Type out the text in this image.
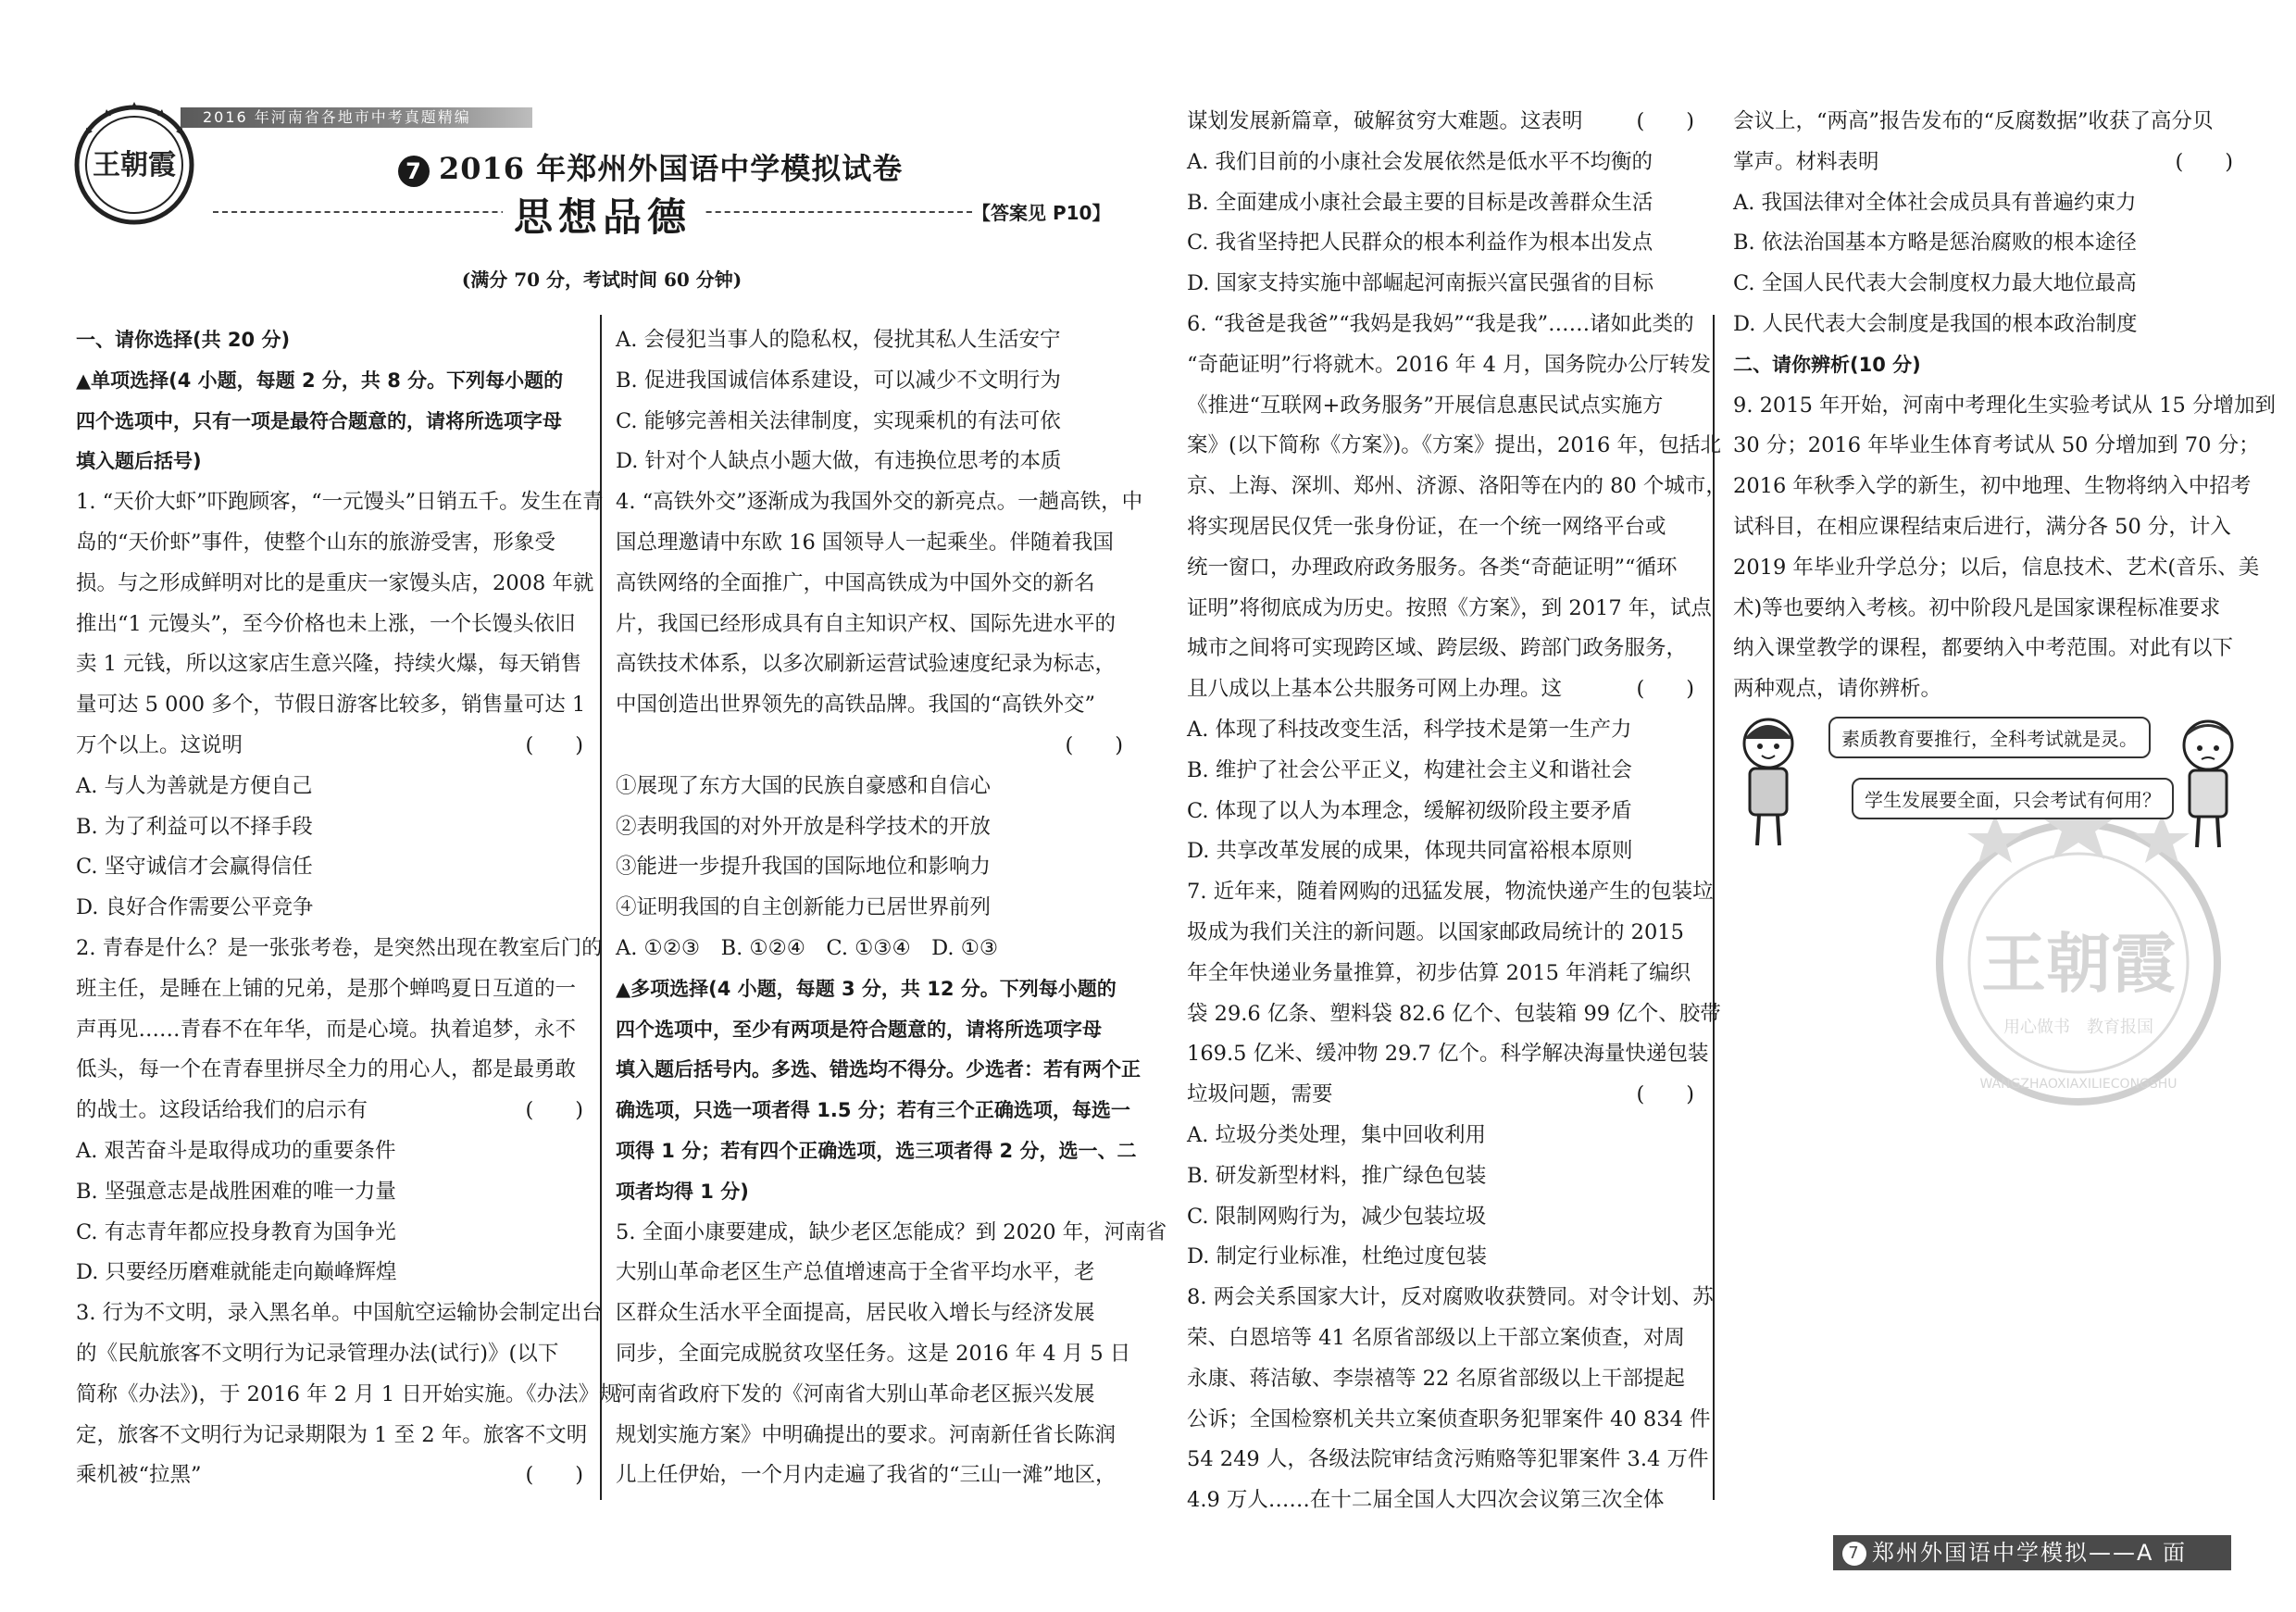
2016 年河南省各地市中考真题精编
王朝霞	7 2016 年郑州外国语中学模拟试卷
思想品德	【答案见 P10】
(满分 70 分，考试时间 60 分钟)
一、请你选择(共 20 分)
▲单项选择(4 小题，每题 2 分，共 8 分。下列每小题的
四个选项中，只有一项是最符合题意的，请将所选项字母
填入题后括号)
1. “天价大虾”吓跑顾客，“一元馒头”日销五千。发生在青
岛的“天价虾”事件，使整个山东的旅游受害，形象受
损。与之形成鲜明对比的是重庆一家馒头店，2008 年就
推出“1 元馒头”，至今价格也未上涨，一个长馒头依旧
卖 1 元钱，所以这家店生意兴隆，持续火爆，每天销售
量可达 5 000 多个，节假日游客比较多，销售量可达 1
万个以上。这说明	(　　)
A. 与人为善就是方便自己
B. 为了利益可以不择手段
C. 坚守诚信才会赢得信任
D. 良好合作需要公平竞争
2. 青春是什么？是一张张考卷，是突然出现在教室后门的
班主任，是睡在上铺的兄弟，是那个蝉鸣夏日互道的一
声再见……青春不在年华，而是心境。执着追梦，永不
低头，每一个在青春里拼尽全力的用心人，都是最勇敢
的战士。这段话给我们的启示有	(　　)
A. 艰苦奋斗是取得成功的重要条件
B. 坚强意志是战胜困难的唯一力量
C. 有志青年都应投身教育为国争光
D. 只要经历磨难就能走向巅峰辉煌
3. 行为不文明，录入黑名单。中国航空运输协会制定出台
的《民航旅客不文明行为记录管理办法(试行)》(以下
简称《办法》)，于 2016 年 2 月 1 日开始实施。《办法》规
定，旅客不文明行为记录期限为 1 至 2 年。旅客不文明
乘机被“拉黑”	(　　)
A. 会侵犯当事人的隐私权，侵扰其私人生活安宁
B. 促进我国诚信体系建设，可以减少不文明行为
C. 能够完善相关法律制度，实现乘机的有法可依
D. 针对个人缺点小题大做，有违换位思考的本质
4. “高铁外交”逐渐成为我国外交的新亮点。一趟高铁，中
国总理邀请中东欧 16 国领导人一起乘坐。伴随着我国
高铁网络的全面推广，中国高铁成为中国外交的新名
片，我国已经形成具有自主知识产权、国际先进水平的
高铁技术体系，以多次刷新运营试验速度纪录为标志，
中国创造出世界领先的高铁品牌。我国的“高铁外交”
(　　)
①展现了东方大国的民族自豪感和自信心
②表明我国的对外开放是科学技术的开放
③能进一步提升我国的国际地位和影响力
④证明我国的自主创新能力已居世界前列
A. ①②③　B. ①②④　C. ①③④　D. ①③
▲多项选择(4 小题，每题 3 分，共 12 分。下列每小题的
四个选项中，至少有两项是符合题意的，请将所选项字母
填入题后括号内。多选、错选均不得分。少选者：若有两个正
确选项，只选一项者得 1.5 分；若有三个正确选项，每选一
项得 1 分；若有四个正确选项，选三项者得 2 分，选一、二
项者均得 1 分)
5. 全面小康要建成，缺少老区怎能成？到 2020 年，河南省
大别山革命老区生产总值增速高于全省平均水平，老
区群众生活水平全面提高，居民收入增长与经济发展
同步，全面完成脱贫攻坚任务。这是 2016 年 4 月 5 日
河南省政府下发的《河南省大别山革命老区振兴发展
规划实施方案》中明确提出的要求。河南新任省长陈润
儿上任伊始，一个月内走遍了我省的“三山一滩”地区，
谋划发展新篇章，破解贫穷大难题。这表明	(　　)
A. 我们目前的小康社会发展依然是低水平不均衡的
B. 全面建成小康社会最主要的目标是改善群众生活
C. 我省坚持把人民群众的根本利益作为根本出发点
D. 国家支持实施中部崛起河南振兴富民强省的目标
6. “我爸是我爸”“我妈是我妈”“我是我”……诸如此类的
“奇葩证明”行将就木。2016 年 4 月，国务院办公厅转发
《推进“互联网+政务服务”开展信息惠民试点实施方
案》(以下简称《方案》)。《方案》提出，2016 年，包括北
京、上海、深圳、郑州、济源、洛阳等在内的 80 个城市，
将实现居民仅凭一张身份证，在一个统一网络平台或
统一窗口，办理政府政务服务。各类“奇葩证明”“循环
证明”将彻底成为历史。按照《方案》，到 2017 年，试点
城市之间将可实现跨区域、跨层级、跨部门政务服务，
且八成以上基本公共服务可网上办理。这	(　　)
A. 体现了科技改变生活，科学技术是第一生产力
B. 维护了社会公平正义，构建社会主义和谐社会
C. 体现了以人为本理念，缓解初级阶段主要矛盾
D. 共享改革发展的成果，体现共同富裕根本原则
7. 近年来，随着网购的迅猛发展，物流快递产生的包装垃
圾成为我们关注的新问题。以国家邮政局统计的 2015
年全年快递业务量推算，初步估算 2015 年消耗了编织
袋 29.6 亿条、塑料袋 82.6 亿个、包装箱 99 亿个、胶带
169.5 亿米、缓冲物 29.7 亿个。科学解决海量快递包装
垃圾问题，需要	(　　)
A. 垃圾分类处理，集中回收利用
B. 研发新型材料，推广绿色包装
C. 限制网购行为，减少包装垃圾
D. 制定行业标准，杜绝过度包装
8. 两会关系国家大计，反对腐败收获赞同。对令计划、苏
荣、白恩培等 41 名原省部级以上干部立案侦查，对周
永康、蒋洁敏、李崇禧等 22 名原省部级以上干部提起
公诉；全国检察机关共立案侦查职务犯罪案件 40 834 件
54 249 人，各级法院审结贪污贿赂等犯罪案件 3.4 万件
4.9 万人……在十二届全国人大四次会议第三次全体
会议上，“两高”报告发布的“反腐数据”收获了高分贝
掌声。材料表明	(　　)
A. 我国法律对全体社会成员具有普遍约束力
B. 依法治国基本方略是惩治腐败的根本途径
C. 全国人民代表大会制度权力最大地位最高
D. 人民代表大会制度是我国的根本政治制度
二、请你辨析(10 分)
9. 2015 年开始，河南中考理化生实验考试从 15 分增加到
30 分；2016 年毕业生体育考试从 50 分增加到 70 分；
2016 年秋季入学的新生，初中地理、生物将纳入中招考
试科目，在相应课程结束后进行，满分各 50 分，计入
2019 年毕业升学总分；以后，信息技术、艺术(音乐、美
术)等也要纳入考核。初中阶段凡是国家课程标准要求
纳入课堂教学的课程，都要纳入中考范围。对此有以下
两种观点，请你辨析。
王朝霞
用心做书　教育报国
WANGZHAOXIAXILIECONGSHU
素质教育要推行，全科考试就是灵。
学生发展要全面，只会考试有何用？
7 郑州外国语中学模拟——A 面
